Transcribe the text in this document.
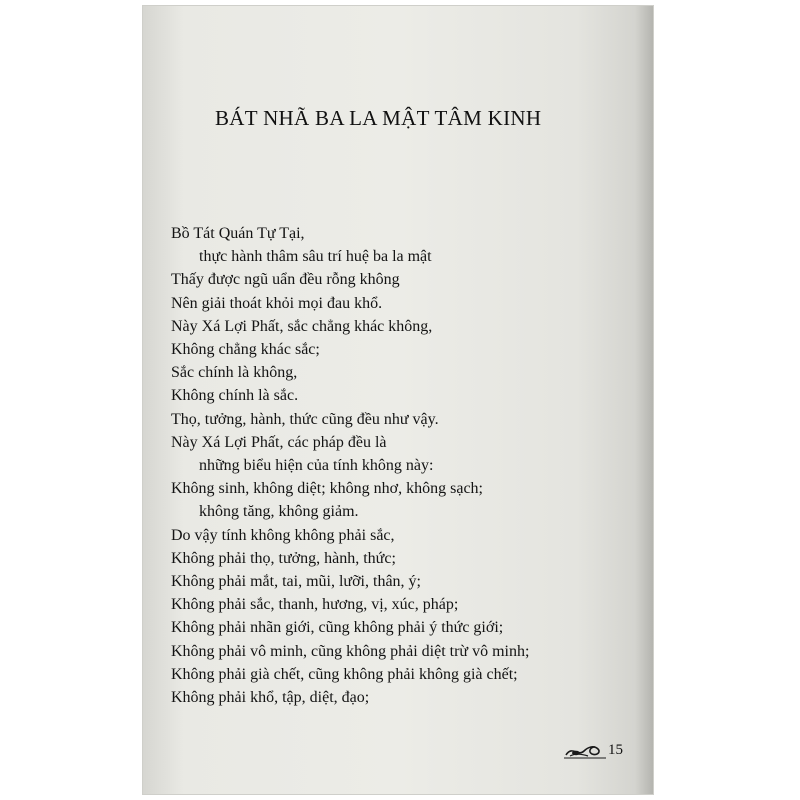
BÁT NHÃ BA LA MẬT TÂM KINH
Bồ Tát Quán Tự Tại,
thực hành thâm sâu trí huệ ba la mật
Thấy được ngũ uẩn đều rỗng không
Nên giải thoát khỏi mọi đau khổ.
Này Xá Lợi Phất, sắc chẳng khác không,
Không chẳng khác sắc;
Sắc chính là không,
Không chính là sắc.
Thọ, tưởng, hành, thức cũng đều như vậy.
Này Xá Lợi Phất, các pháp đều là
những biểu hiện của tính không này:
Không sinh, không diệt; không nhơ, không sạch;
không tăng, không giảm.
Do vậy tính không không phải sắc,
Không phải thọ, tưởng, hành, thức;
Không phải mắt, tai, mũi, lưỡi, thân, ý;
Không phải sắc, thanh, hương, vị, xúc, pháp;
Không phải nhãn giới, cũng không phải ý thức giới;
Không phải vô minh, cũng không phải diệt trừ vô minh;
Không phải già chết, cũng không phải không già chết;
Không phải khổ, tập, diệt, đạo;
15
